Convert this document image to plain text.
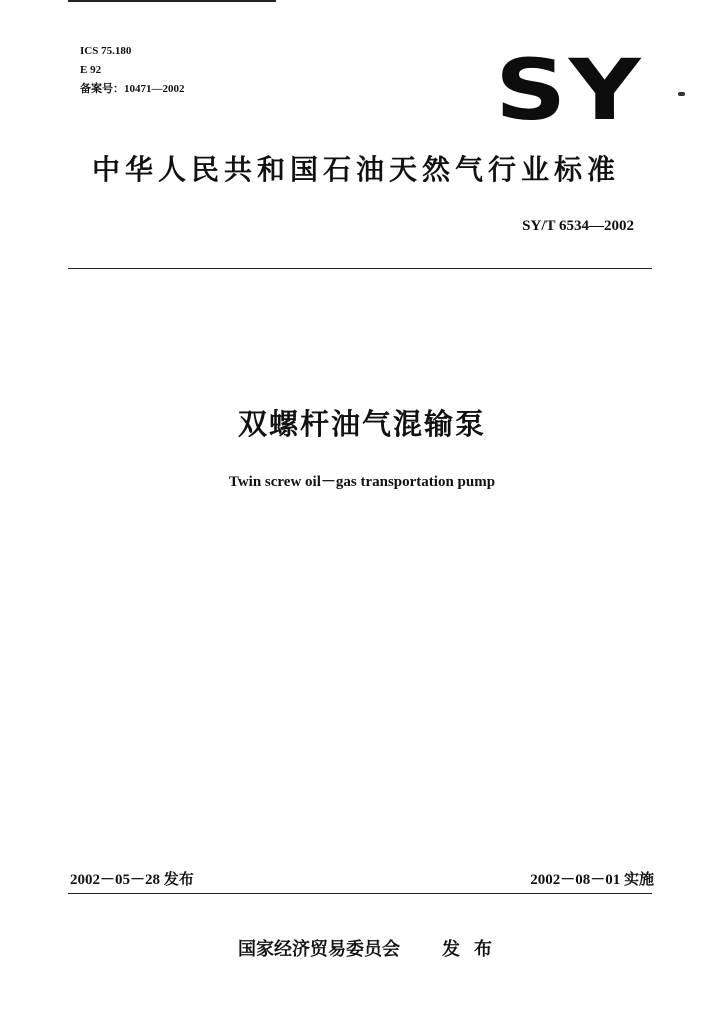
ICS 75.180
E 92
备案号：10471—2002	SY
中华人民共和国石油天然气行业标准
SY/T 6534—2002
双螺杆油气混输泵
Twin screw oil－gas transportation pump
2002－05－28 发布	2002－08－01 实施
国家经济贸易委员会 发布
